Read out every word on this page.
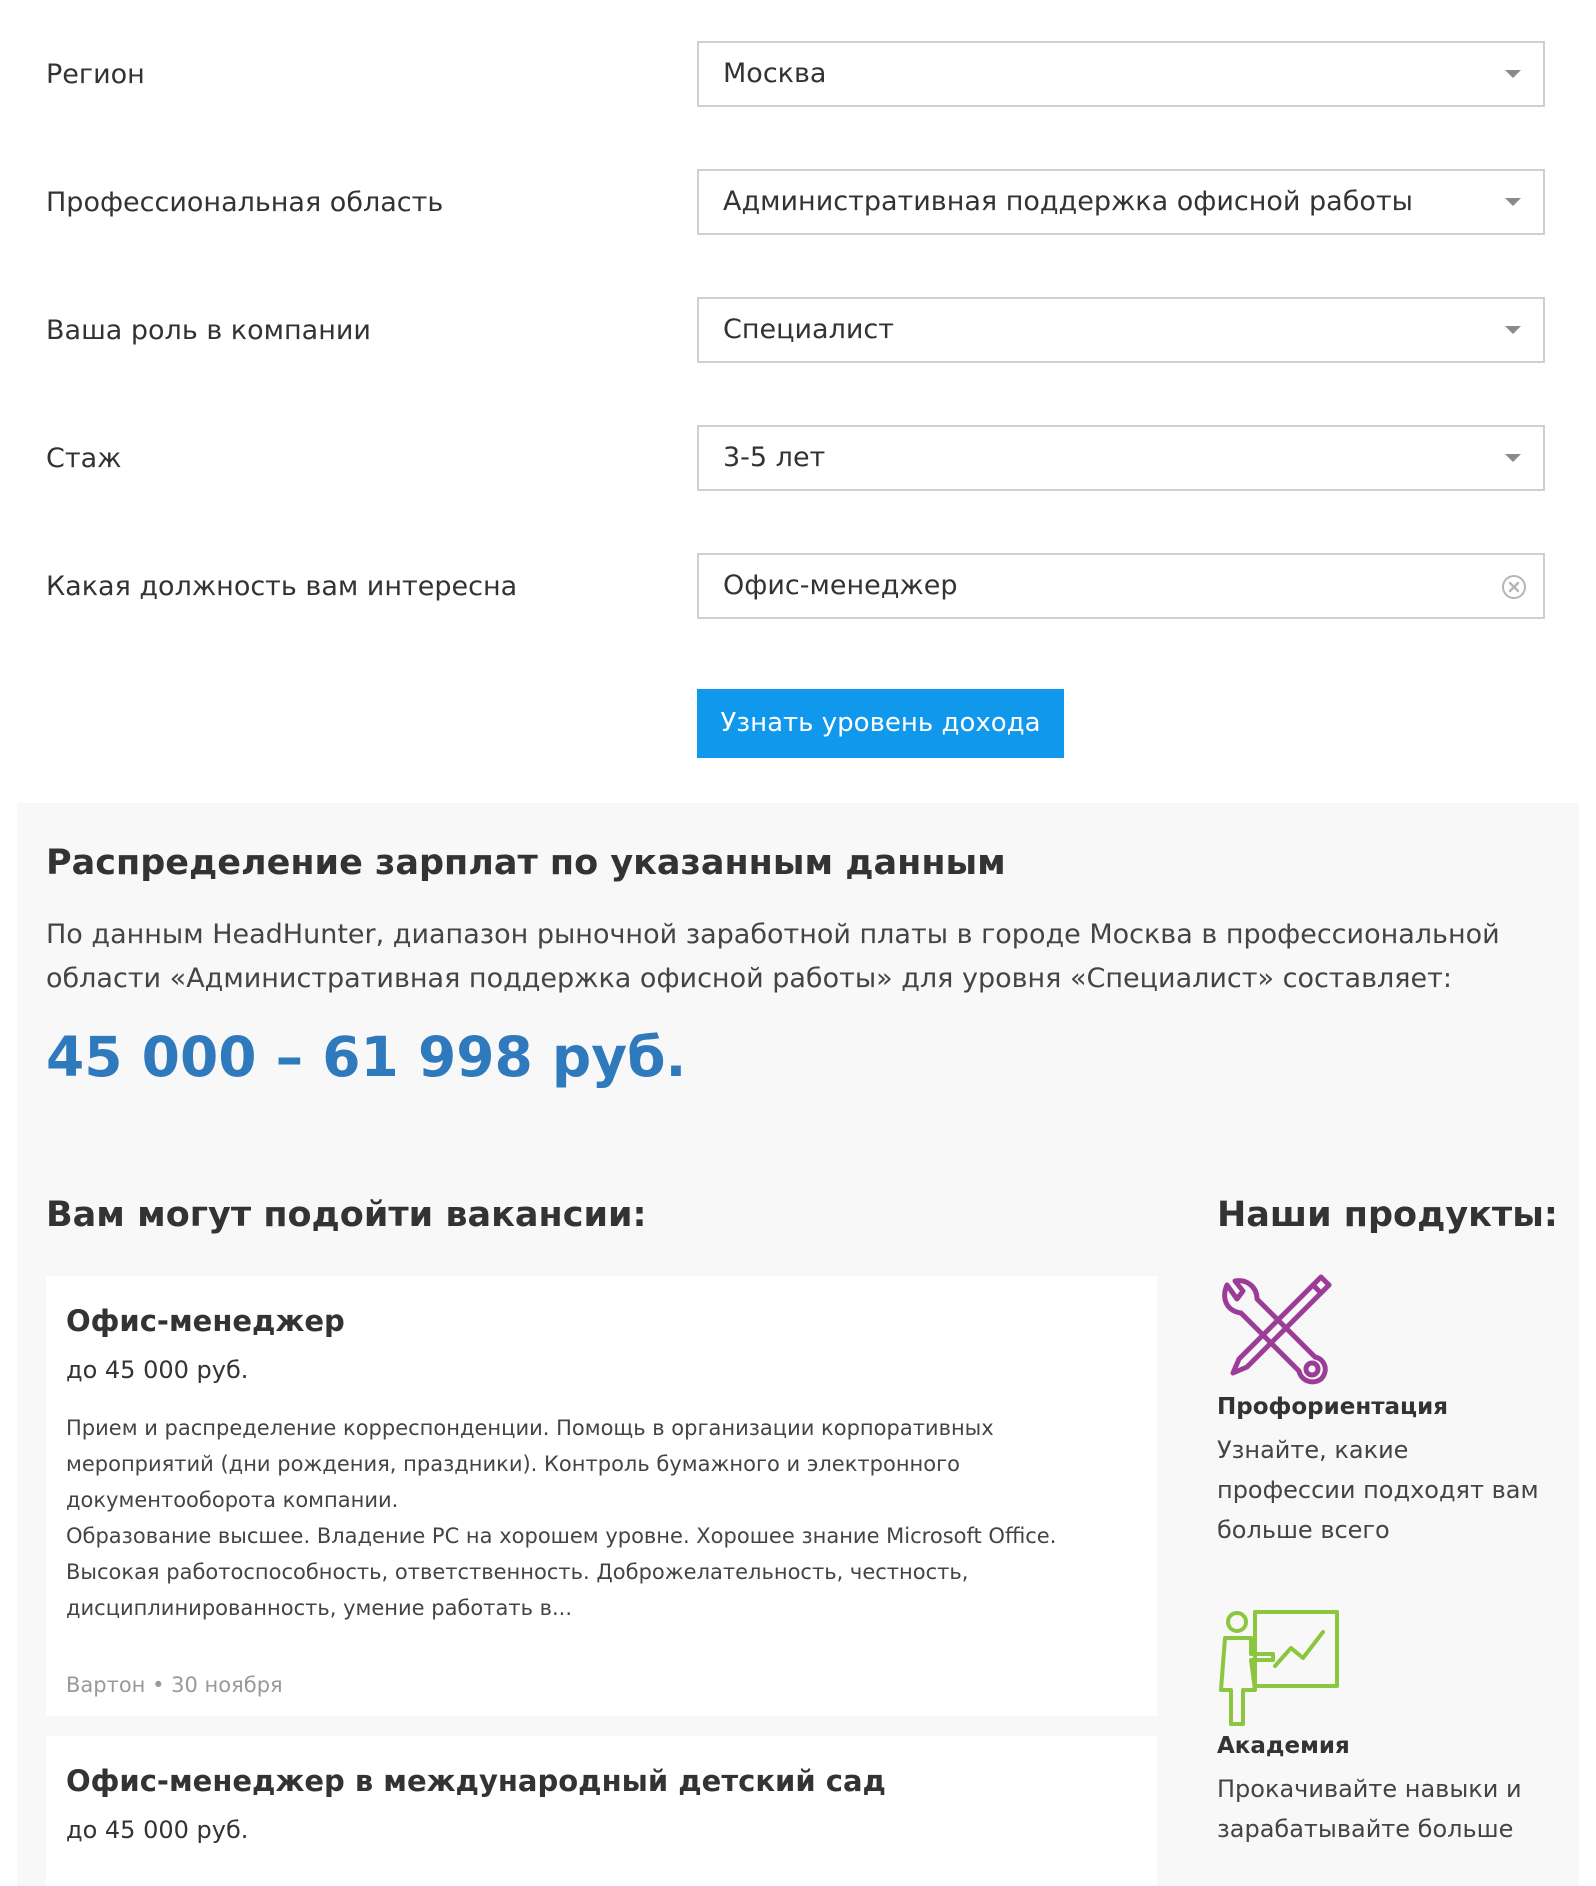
Регион	Москва
Профессиональная область	Административная поддержка офисной работы
Ваша роль в компании	Специалист
Стаж	3-5 лет
Какая должность вам интересна	Офис-менеджер
Узнать уровень дохода
Распределение зарплат по указанным данным

По данным HeadHunter, диапазон рыночной заработной платы в городе Москва в профессиональной области «Административная поддержка офисной работы» для уровня «Специалист» составляет:

45 000 – 61 998 руб.
Вам могут подойти вакансии:
Офис-менеджер
до 45 000 руб.

Прием и распределение корреспонденции. Помощь в организации корпоративных мероприятий (дни рождения, праздники). Контроль бумажного и электронного документооборота компании.
Образование высшее. Владение PC на хорошем уровне. Хорошее знание Microsoft Office. Высокая работоспособность, ответственность. Доброжелательность, честность, дисциплинированность, умение работать в...

Вартон • 30 ноября
Офис-менеджер в международный детский сад
до 45 000 руб.
Наши продукты:
Профориентация

Узнайте, какие профессии подходят вам больше всего

Академия

Прокачивайте навыки и зарабатывайте больше
